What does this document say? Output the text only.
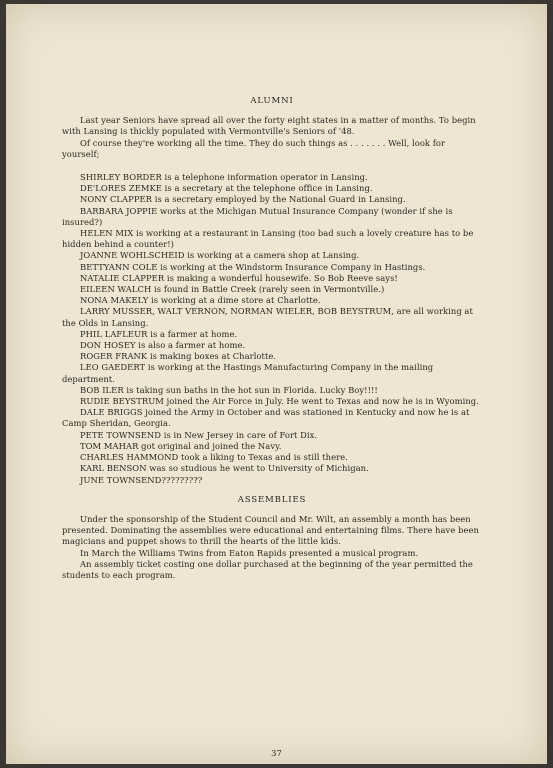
ALUMNI

Last year Seniors have spread all over the forty eight states in a matter of months. To begin with Lansing is thickly populated with Vermontville's Seniors of '48.

Of course they're working all the time. They do such things as . . . . . . . Well, look for yourself;

SHIRLEY BORDER is a telephone information operator in Lansing.

DE'LORES ZEMKE is a secretary at the telephone office in Lansing.

NONY CLAPPER is a secretary employed by the National Guard in Lansing.

BARBARA JOPPIE works at the Michigan Mutual Insurance Company (wonder if she is insured?)

HELEN MIX is working at a restaurant in Lansing (too bad such a lovely creature has to be hidden behind a counter!)

JOANNE WOHLSCHEID is working at a camera shop at Lansing.

BETTYANN COLE is working at the Windstorm Insurance Company in Hastings.

NATALIE CLAPPER is making a wonderful housewife. So Bob Reeve says!

EILEEN WALCH is found in Battle Creek (rarely seen in Vermontville.)

NONA MAKELY is working at a dime store at Charlotte.

LARRY MUSSER, WALT VERNON, NORMAN WIELER, BOB BEYSTRUM, are all working at the Olds in Lansing.

PHIL LAFLEUR is a farmer at home.

DON HOSEY is also a farmer at home.

ROGER FRANK is making boxes at Charlotte.

LEO GAEDERT is working at the Hastings Manufacturing Company in the mailing department.

BOB ILER is taking sun baths in the hot sun in Florida. Lucky Boy!!!!

RUDIE BEYSTRUM joined the Air Force in July. He went to Texas and now he is in Wyoming.

DALE BRIGGS joined the Army in October and was stationed in Kentucky and now he is at Camp Sheridan, Georgia.

PETE TOWNSEND is in New Jersey in care of Fort Dix.

TOM MAHAR got original and joined the Navy.

CHARLES HAMMOND took a liking to Texas and is still there.

KARL BENSON was so studious he went to University of Michigan.

JUNE TOWNSEND?????????

ASSEMBLIES

Under the sponsorship of the Student Council and Mr. Wilt, an assembly a month has been presented. Dominating the assemblies were educational and entertaining films. There have been magicians and puppet shows to thrill the hearts of the little kids.

In March the Williams Twins from Eaton Rapids presented a musical program.

An assembly ticket costing one dollar purchased at the beginning of the year permitted the students to each program.

37
